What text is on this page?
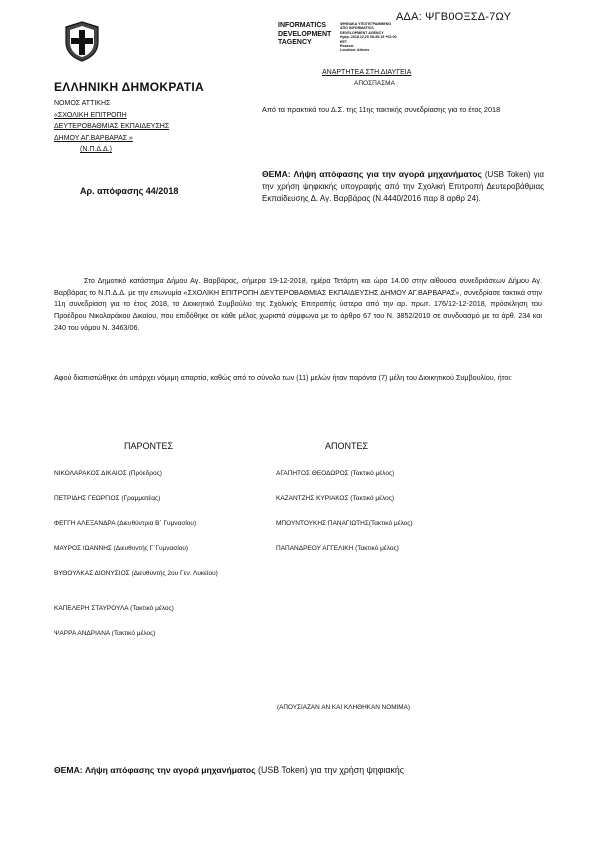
ΑΔΑ: ΨΓΒ0ΟΞΣΔ-7ΩΥ
INFORMATICS
DEVELOPMENT
TAGENCY
ΨΗΦΙΑΚΑ ΥΠΟΓΕΓΡΑΜΜΕΝΟ
ΑΠΟ INFORMATICS
DEVELOPMENT AGENCY
Ημερ: 2018.12.20 08:35:19 +02:00
EET
Reason:
Location: Athens
ΕΛΛΗΝΙΚΗ ΔΗΜΟΚΡΑΤΙΑ
ΑΝΑΡΤΗΤΕΑ ΣΤΗ ΔΙΑΥΓΕΙΑ
ΑΠΟΣΠΑΣΜΑ
ΝΟΜΟΣ ΑΤΤΙΚΗΣ
«ΣΧΟΛΙΚΗ ΕΠΙΤΡΟΠΗ
ΔΕΥΤΕΡΟΒΑΘΜΙΑΣ ΕΚΠΑΙΔΕΥΣΗΣ
ΔΗΜΟΥ ΑΓ.ΒΑΡΒΑΡΑΣ »
(Ν.Π.Δ.Δ.)
Από τα πρακτικά του Δ.Σ. της 11ης τακτικής συνεδρίασης για το έτος 2018
Αρ. απόφασης 44/2018
ΘΕΜΑ: Λήψη απόφασης για την αγορά μηχανήματος (USB Token) για την χρήση ψηφιακής υπογραφής από την Σχολική Επιτροπή Δευτεροβάθμιας Εκπαίδευσης Δ. Αγ. Βαρβάρας (Ν.4440/2016 παρ 8 αρθρ 24).
Στο Δημοτικό κατάστημα Δήμου Αγ. Βαρβάρας, σήμερα 19-12-2018, ημέρα Τετάρτη και ώρα 14.00 στην αίθουσα συνεδριάσεων Δήμου Αγ. Βαρβάρας το Ν.Π.Δ.Δ. με την επωνυμία «ΣΧΟΛΙΚΗ ΕΠΙΤΡΟΠΗ ΔΕΥΤΕΡΟΒΑΘΜΙΑΣ ΕΚΠΑΙΔΕΥΣΗΣ ΔΗΜΟΥ ΑΓ.ΒΑΡΒΑΡΑΣ», συνεδρίασε τακτικά στην 11η συνεδρίαση για το έτος 2018, το Διοικητικό Συμβούλιο της Σχολικής Επιτροπής ύστερα από την αρ. πρωτ. 176/12-12-2018, πρόσκληση του Προέδρου Νικολαράκου Δικαίου, που επιδόθηκε σε κάθε μέλος χωριστά σύμφωνα με το άρθρο 67 του Ν. 3852/2010 σε συνδυασμό με τα άρθ. 234 και 240 του νόμου Ν. 3463/06.
Αφού διαπιστώθηκε ότι υπάρχει νόμιμη απαρτία, καθώς από το σύνολο των (11) μελών ήταν παρόντα (7) μέλη του Διοικητικού Συμβουλίου, ήτοι:
ΠΑΡΟΝΤΕΣ	ΑΠΟΝΤΕΣ
ΝΙΚΟΛΑΡΑΚΟΣ ΔΙΚΑΙΟΣ (Πρόεδρος)
ΠΕΤΡΙΔΗΣ ΓΕΩΡΓΙΟΣ (Γραμματέας)
ΦΕΓΓΗ ΑΛΕΞΑΝΔΡΑ (Διευθύντρια Β΄ Γυμνασίου)
ΜΑΥΡΟΣ ΙΩΑΝΝΗΣ (Διευθυντής Γ΄Γυμνασίου)
ΒΥΘΟΥΛΚΑΣ ΔΙΟΝΥΣΙΟΣ (Διευθυντής 2ου Γεν. Λυκείου)
ΚΑΠΕΛΕΡΗ ΣΤΑΥΡΟΥΛΑ (Τακτικό μέλος)
ΨΑΡΡΑ ΑΝΔΡΙΑΝΑ (Τακτικό μέλος)
ΑΓΑΠΗΤΟΣ ΘΕΟΔΩΡΟΣ (Τακτικό μέλος)
ΚΑΖΑΝΤΖΗΣ ΚΥΡΙΑΚΟΣ (Τακτικό μέλος)
ΜΠΟΥΝΤΟΥΚΗΣ ΠΑΝΑΓΙΩΤΗΣ(Τακτικό μέλος)
ΠΑΠΑΝΔΡΕΟΥ ΑΓΓΕΛΙΚΗ (Τακτικό μέλος)
(ΑΠΟΥΣΙΑΖΑΝ ΑΝ ΚΑΙ ΚΛΗΘΗΚΑΝ ΝΟΜΙΜΑ)
ΘΕΜΑ: Λήψη απόφασης την αγορά μηχανήματος (USB Token) για την χρήση ψηφιακής
